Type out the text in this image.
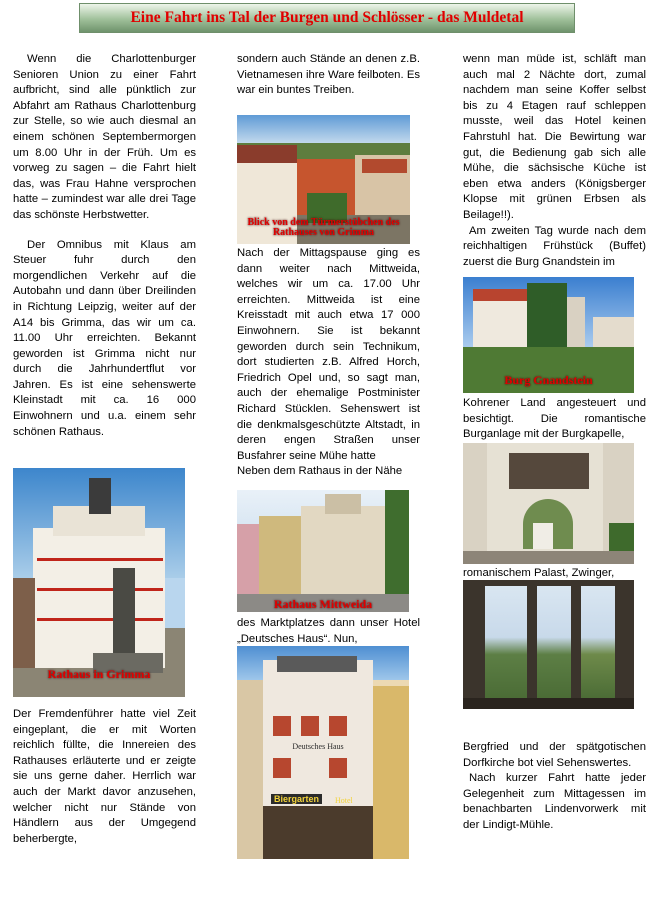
Eine Fahrt ins Tal der Burgen und Schlösser - das Muldetal

Wenn die Charlottenburger Senioren Union zu einer Fahrt aufbricht, sind alle pünktlich zur Abfahrt am Rathaus Charlottenburg zur Stelle, so wie auch diesmal an einem schönen Septembermorgen um 8.00 Uhr in der Früh. Um es vorweg zu sagen – die Fahrt hielt das, was Frau Hahne versprochen hatte – zumindest war alle drei Tage das schönste Herbstwetter.

Der Omnibus mit Klaus am Steuer fuhr durch den morgendlichen Verkehr auf die Autobahn und dann über Dreilinden in Richtung Leipzig, weiter auf der A14 bis Grimma, das wir um ca. 11.00 Uhr erreichten. Bekannt geworden ist Grimma nicht nur durch die Jahrhundertflut vor Jahren. Es ist eine sehenswerte Kleinstadt mit ca. 16 000 Einwohnern und u.a. einem sehr schönen Rathaus.

Rathaus in Grimma

Der Fremdenführer hatte viel Zeit eingeplant, die er mit Worten reichlich füllte, die Innereien des Rathauses erläuterte und er zeigte sie uns gerne daher. Herrlich war auch der Markt davor anzusehen, welcher nicht nur Stände von Händlern aus der Umgegend beherbergte,

sondern auch Stände an denen z.B. Vietnamesen ihre Ware feilboten. Es war ein buntes Treiben.

Blick von dem Türmerstübchen des Rathauses von Grimma

Nach der Mittagspause ging es dann weiter nach Mittweida, welches wir um ca. 17.00 Uhr erreichten. Mittweida ist eine Kreisstadt mit auch etwa 17 000 Einwohnern. Sie ist bekannt geworden durch sein Technikum, dort studierten z.B. Alfred Horch, Friedrich Opel und, so sagt man, auch der ehemalige Postminister Richard Stücklen. Sehenswert ist die denkmalsgeschützte Altstadt, in deren engen Straßen unser Busfahrer seine Mühe hatte

Neben dem Rathaus in der Nähe

Rathaus Mittweida

des Marktplatzes dann unser Hotel „Deutsches Haus“. Nun,

Deutsches Haus
Biergarten	Hotel

wenn man müde ist, schläft man auch mal 2 Nächte dort, zumal nachdem man seine Koffer selbst bis zu 4 Etagen rauf schleppen musste, weil das Hotel keinen Fahrstuhl hat. Die Bewirtung war gut, die Bedienung gab sich alle Mühe, die sächsische Küche ist eben etwa anders (Königsberger Klopse mit grünen Erbsen als Beilage!!).

Am zweiten Tag wurde nach dem reichhaltigen Frühstück (Buffet) zuerst die Burg Gnandstein im

Burg Gnandstein

Kohrener Land angesteuert und besichtigt. Die romantische Burganlage mit der Burgkapelle,

romanischem Palast, Zwinger,

Bergfried und der spätgotischen Dorfkirche bot viel Sehenswertes.

Nach kurzer Fahrt hatte jeder Gelegenheit zum Mittagessen im benachbarten Lindenvorwerk mit der Lindigt-Mühle.
